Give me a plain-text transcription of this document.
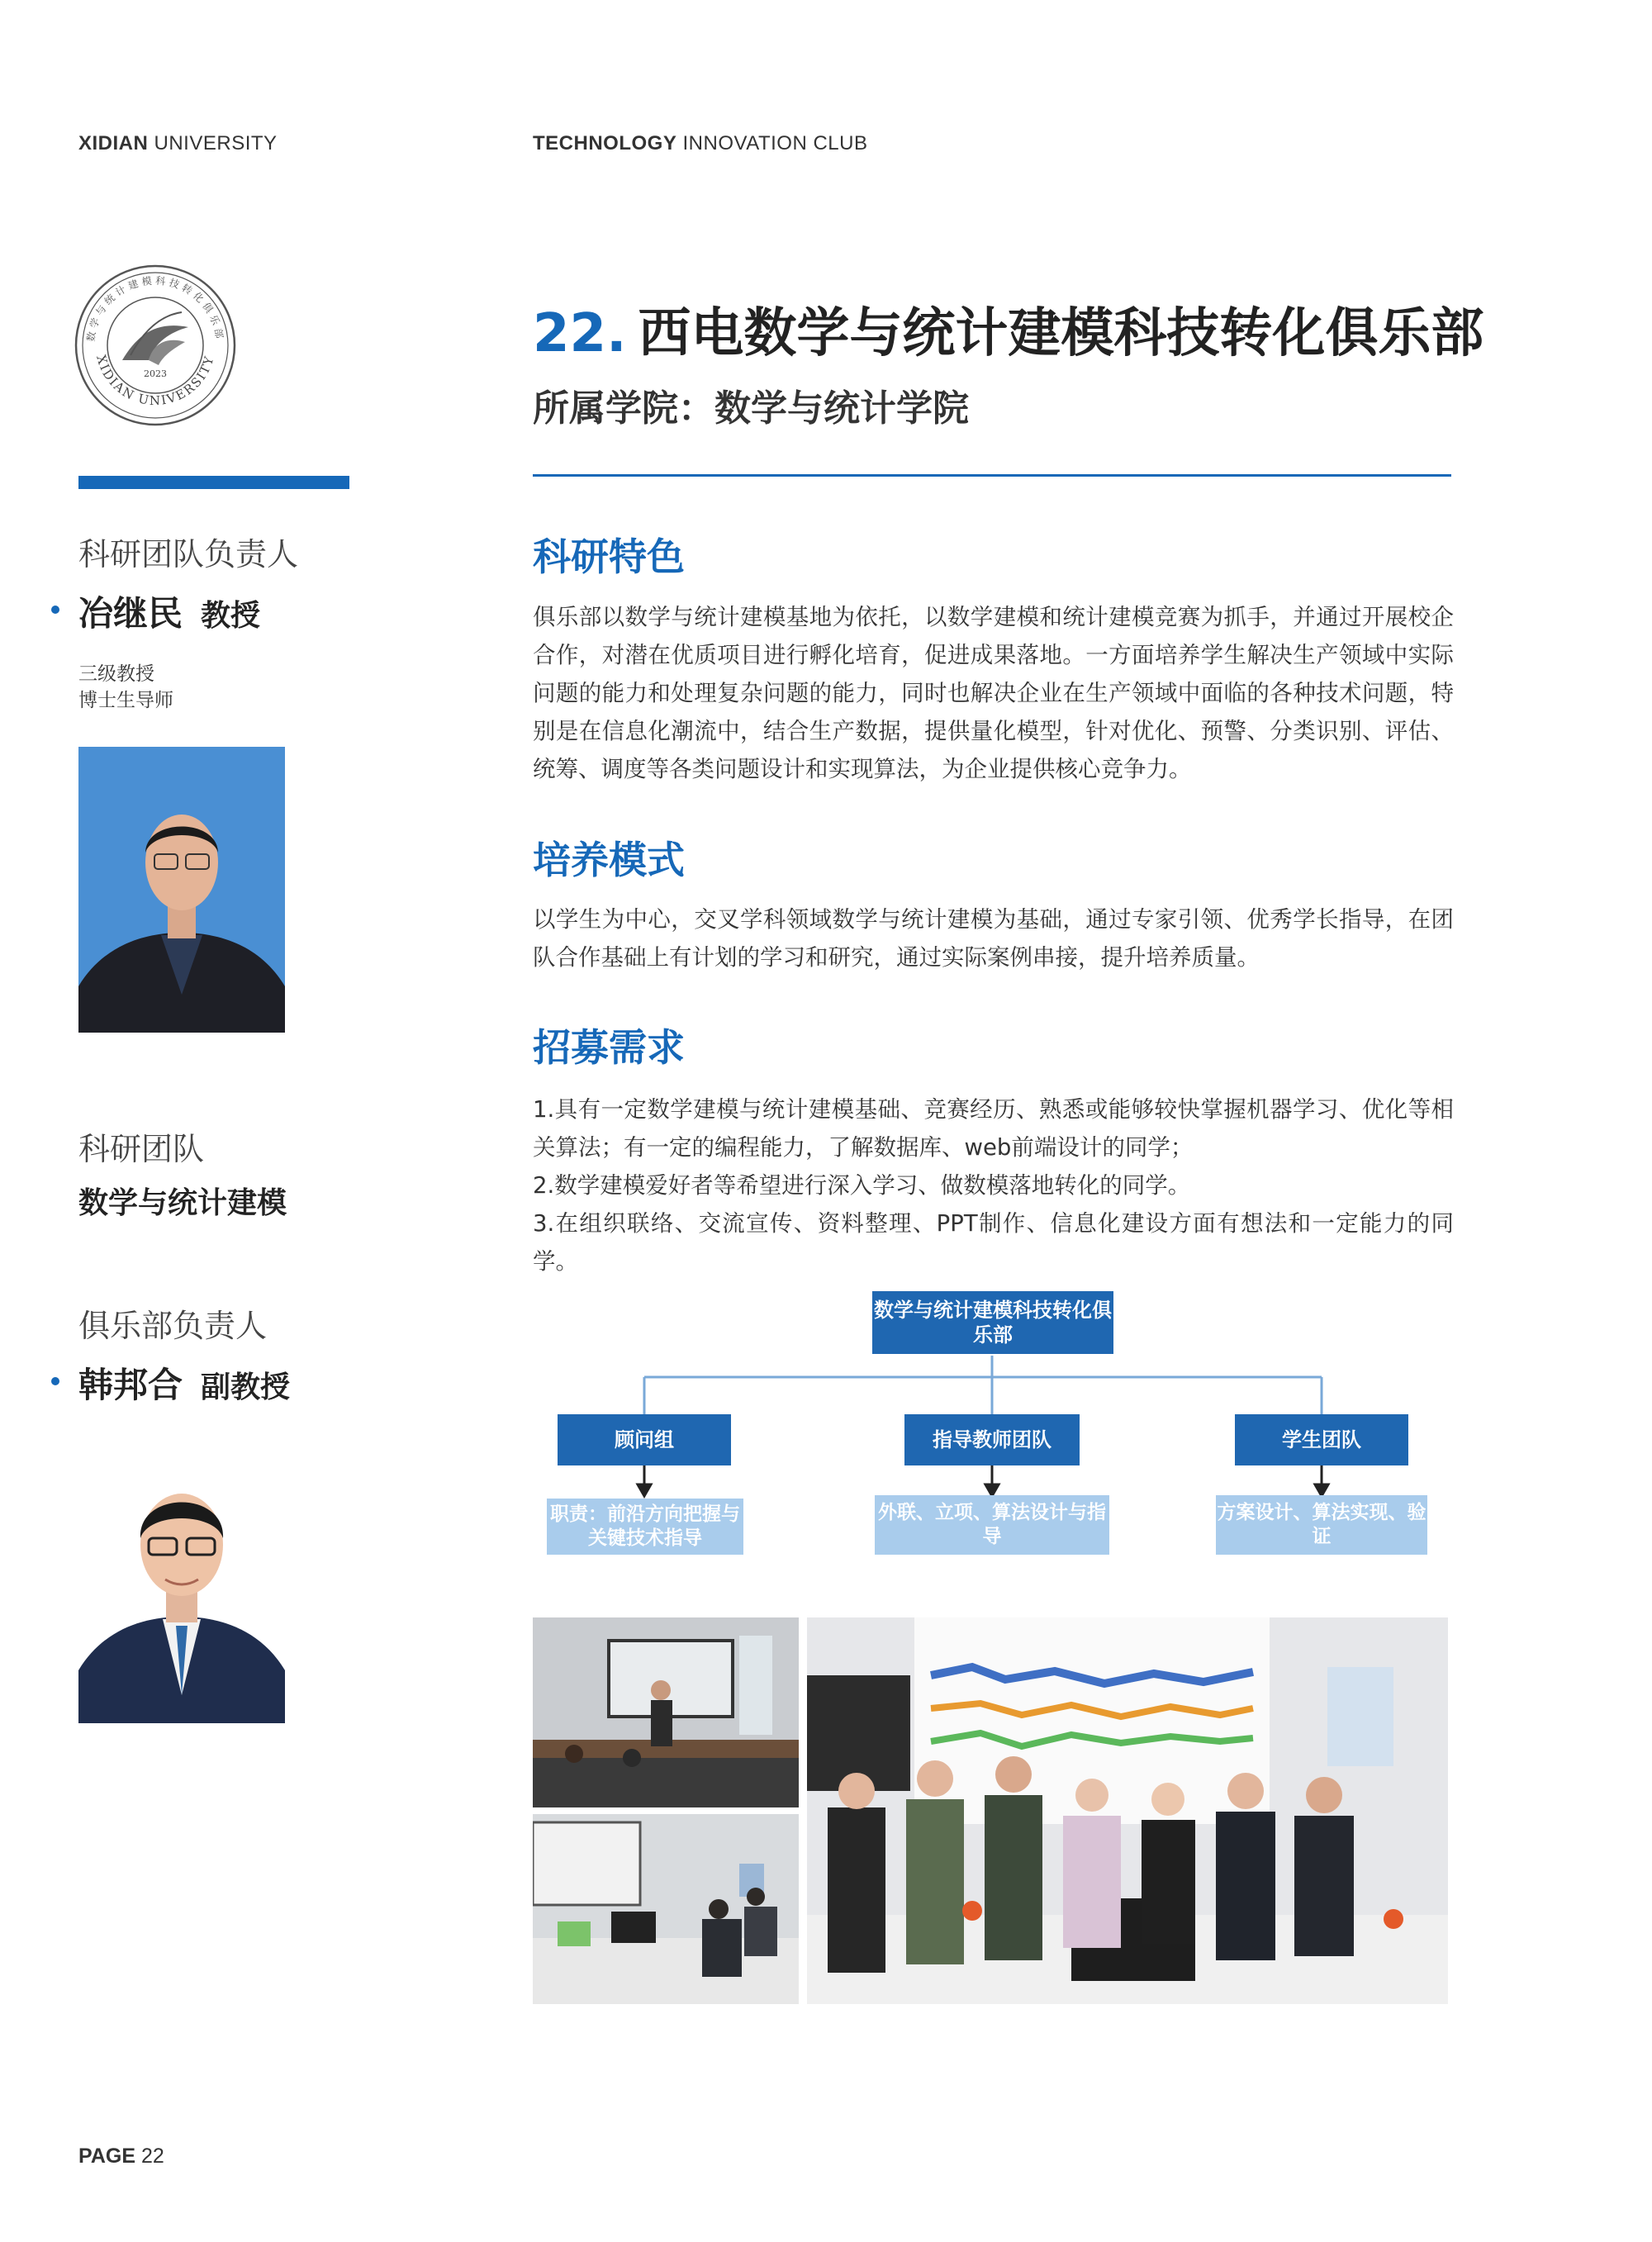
XIDIAN UNIVERSITY	TECHNOLOGY INNOVATION CLUB
2023
XIDIAN UNIVERSITY
数学与统计建模科技转化俱乐部
科研团队负责人
冶继民 教授
三级教授
博士生导师
科研团队
数学与统计建模
俱乐部负责人
韩邦合 副教授
22. 西电数学与统计建模科技转化俱乐部
所属学院：数学与统计学院
科研特色
俱乐部以数学与统计建模基地为依托，以数学建模和统计建模竞赛为抓手，并通过开展校企合作，对潜在优质项目进行孵化培育，促进成果落地。一方面培养学生解决生产领域中实际问题的能力和处理复杂问题的能力，同时也解决企业在生产领域中面临的各种技术问题，特别是在信息化潮流中，结合生产数据，提供量化模型，针对优化、预警、分类识别、评估、统筹、调度等各类问题设计和实现算法，为企业提供核心竞争力。
培养模式
以学生为中心，交叉学科领域数学与统计建模为基础，通过专家引领、优秀学长指导，在团队合作基础上有计划的学习和研究，通过实际案例串接，提升培养质量。
招募需求

1.具有一定数学建模与统计建模基础、竞赛经历、熟悉或能够较快掌握机器学习、优化等相关算法；有一定的编程能力，了解数据库、web前端设计的同学；

2.数学建模爱好者等希望进行深入学习、做数模落地转化的同学。

3.在组织联络、交流宣传、资料整理、PPT制作、信息化建设方面有想法和一定能力的同学。

数学与统计建模科技转化俱乐部
顾问组	指导教师团队	学生团队
职责：前沿方向把握与关键技术指导
外联、立项、算法设计与指导
方案设计、算法实现、验证
PAGE 22
